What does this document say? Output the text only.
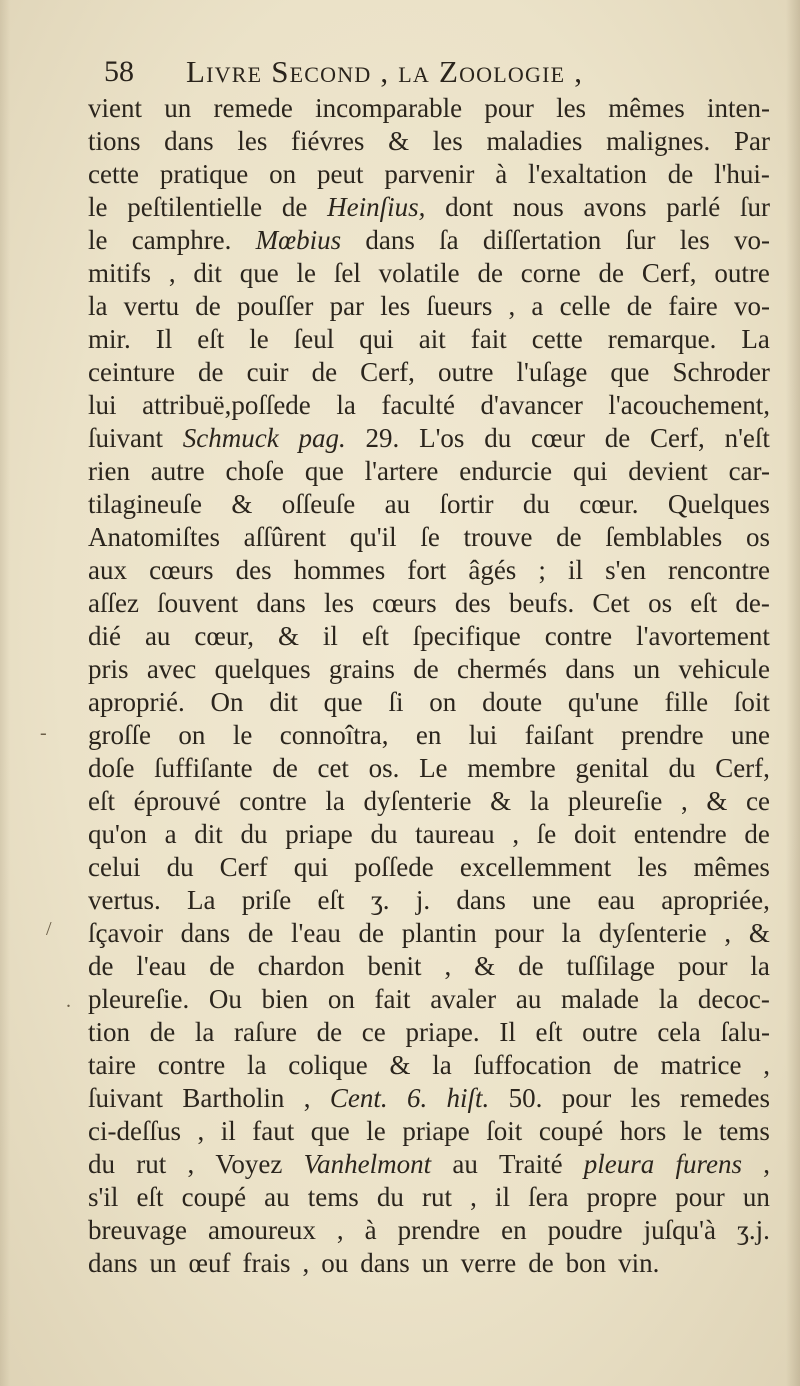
58 Livre Second , la Zoologie ,
‐
/
.
vient un remede incomparable pour les mêmes inten-
tions dans les fiévres & les maladies malignes. Par
cette pratique on peut parvenir à l'exaltation de l'hui-
le peſtilentielle de Heinſius, dont nous avons parlé ſur
le camphre. Mœbius dans ſa diſſertation ſur les vo-
mitifs , dit que le ſel volatile de corne de Cerf, outre
la vertu de pouſſer par les ſueurs , a celle de faire vo-
mir. Il eſt le ſeul qui ait fait cette remarque. La
ceinture de cuir de Cerf, outre l'uſage que Schroder
lui attribuë,poſſede la faculté d'avancer l'acouchement,
ſuivant Schmuck pag. 29. L'os du cœur de Cerf, n'eſt
rien autre choſe que l'artere endurcie qui devient car-
tilagineuſe & oſſeuſe au ſortir du cœur. Quelques
Anatomiſtes aſſûrent qu'il ſe trouve de ſemblables os
aux cœurs des hommes fort âgés ; il s'en rencontre
aſſez ſouvent dans les cœurs des beufs. Cet os eſt de-
dié au cœur, & il eſt ſpecifique contre l'avortement
pris avec quelques grains de chermés dans un vehicule
aproprié. On dit que ſi on doute qu'une fille ſoit
groſſe on le connoîtra, en lui faiſant prendre une
doſe ſuffiſante de cet os. Le membre genital du Cerf,
eſt éprouvé contre la dyſenterie & la pleureſie , & ce
qu'on a dit du priape du taureau , ſe doit entendre de
celui du Cerf qui poſſede excellemment les mêmes
vertus. La priſe eſt ʒ. j. dans une eau apropriée,
ſçavoir dans de l'eau de plantin pour la dyſenterie , &
de l'eau de chardon benit , & de tuſſilage pour la
pleureſie. Ou bien on fait avaler au malade la decoc-
tion de la raſure de ce priape. Il eſt outre cela ſalu-
taire contre la colique & la ſuffocation de matrice ,
ſuivant Bartholin , Cent. 6. hiſt. 50. pour les remedes
ci-deſſus , il faut que le priape ſoit coupé hors le tems
du rut , Voyez Vanhelmont au Traité pleura furens ,
s'il eſt coupé au tems du rut , il ſera propre pour un
breuvage amoureux , à prendre en poudre juſqu'à ʒ.j.
dans un œuf frais , ou dans un verre de bon vin.
